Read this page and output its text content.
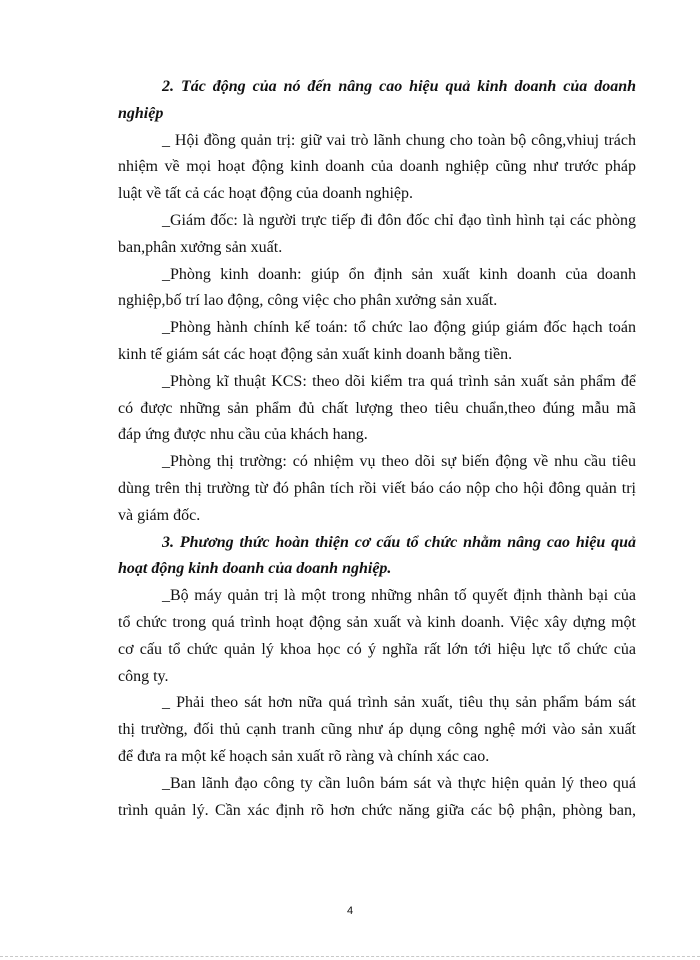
2. Tác động của nó đến nâng cao hiệu quả kinh doanh của doanh
nghiệp
_ Hội đồng quản trị: giữ vai trò lãnh chung cho toàn bộ công,vhiuj trách
nhiệm về mọi hoạt động kinh doanh của doanh nghiệp cũng như trước pháp
luật về tất cả các hoạt động của doanh nghiệp.
_Giám đốc: là người trực tiếp đi đôn đốc chỉ đạo tình hình tại các phòng
ban,phân xưởng sản xuất.
_Phòng kinh doanh: giúp ổn định sản xuất kinh doanh của doanh
nghiệp,bố trí lao động, công việc cho phân xưởng sản xuất.
_Phòng hành chính kế toán: tổ chức lao động giúp giám đốc hạch toán
kinh tế giám sát các hoạt động sản xuất kinh doanh bằng tiền.
_Phòng kĩ thuật KCS: theo dõi kiểm tra quá trình sản xuất sản phẩm để
có được những sản phẩm đủ chất lượng theo tiêu chuẩn,theo đúng mẫu mã
đáp ứng được nhu cầu của khách hang.
_Phòng thị trường: có nhiệm vụ theo dõi sự biến động về nhu cầu tiêu
dùng trên thị trường từ đó phân tích rồi viết báo cáo nộp cho hội đông quản trị
và giám đốc.
3. Phương thức hoàn thiện cơ cấu tổ chức nhằm nâng cao hiệu quả
hoạt động kinh doanh của doanh nghiệp.
_Bộ máy quản trị là một trong những nhân tố quyết định thành bại của
tổ chức trong quá trình hoạt động sản xuất và kinh doanh. Việc xây dựng một
cơ cấu tổ chức quản lý khoa học có ý nghĩa rất lớn tới hiệu lực tổ chức của
công ty.
_ Phải theo sát hơn nữa quá trình sản xuất, tiêu thụ sản phẩm bám sát
thị trường, đối thủ cạnh tranh cũng như áp dụng công nghệ mới vào sản xuất
để đưa ra một kế hoạch sản xuất rõ ràng và chính xác cao.
_Ban lãnh đạo công ty cần luôn bám sát và thực hiện quản lý theo quá
trình quản lý. Cần xác định rõ hơn chức năng giữa các bộ phận, phòng ban,
4
